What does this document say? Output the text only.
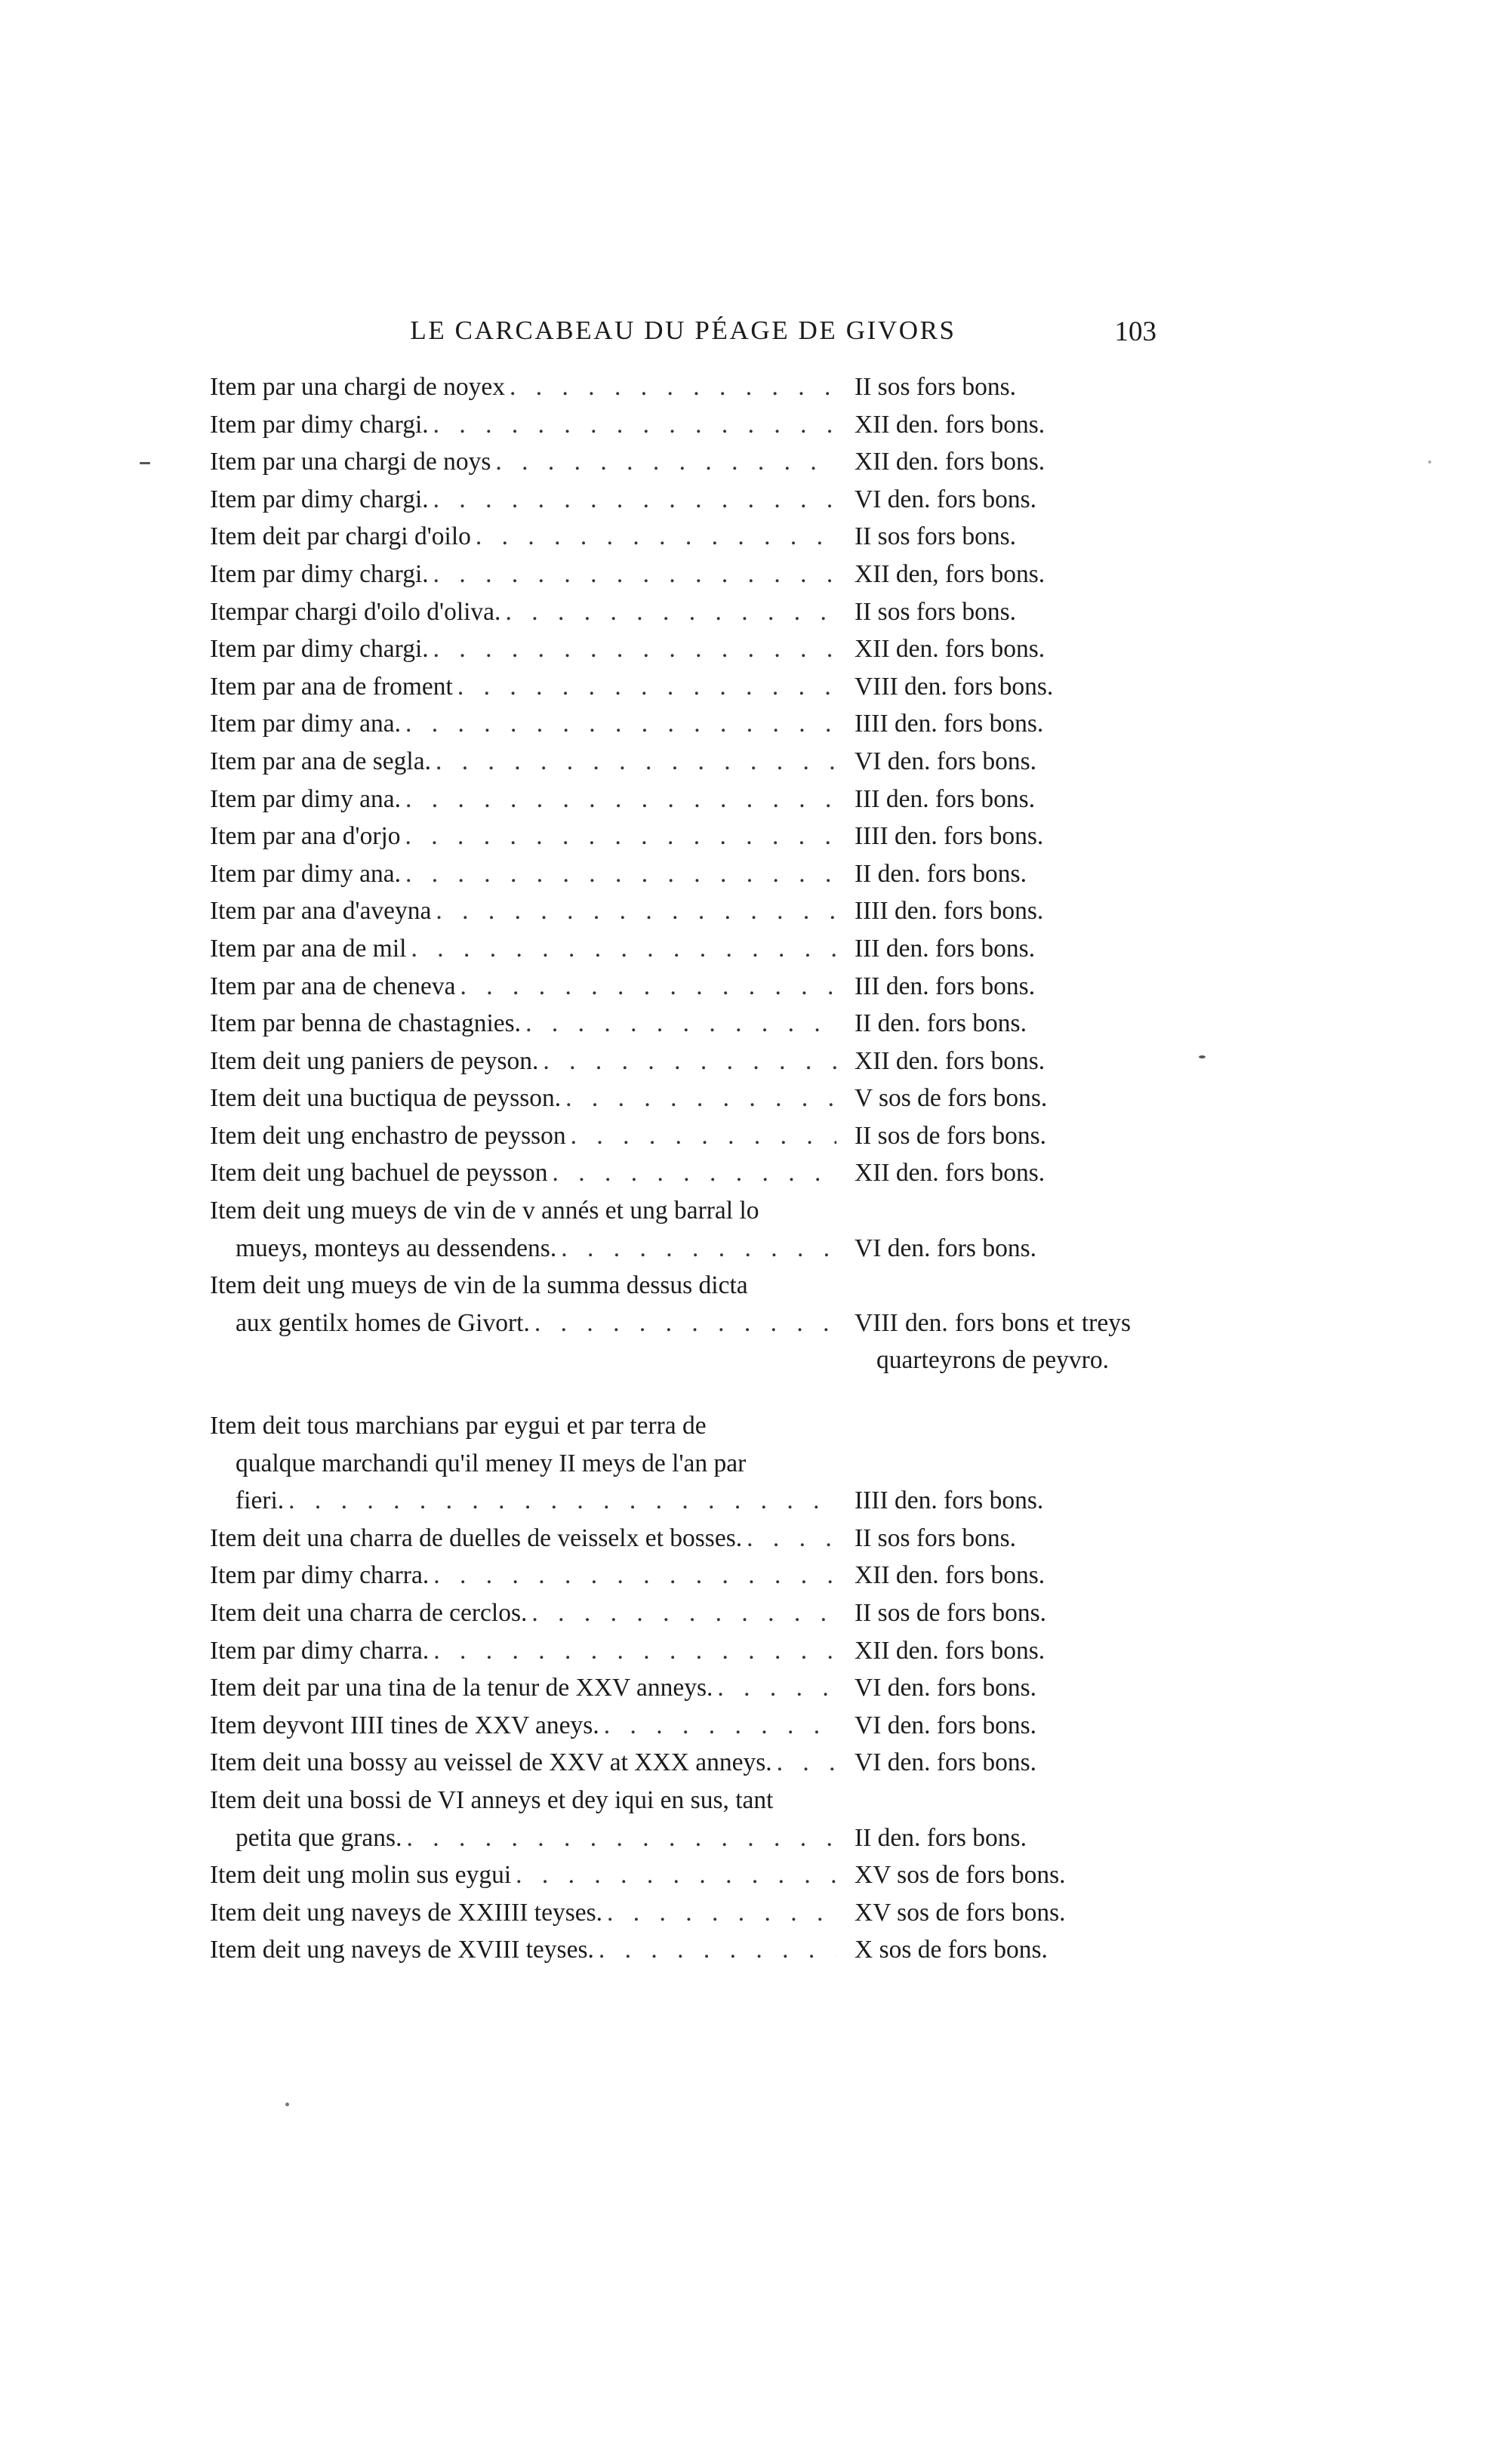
LE CARCABEAU DU PÉAGE DE GIVORS	103
Item par una chargi de noyex . . .	II sos fors bons.
Item par dimy chargi. . . .	XII den. fors bons.
Item par una chargi de noys . . .	XII den. fors bons.
Item par dimy chargi. . . .	VI den. fors bons.
Item deit par chargi d'oilo . . .	II sos fors bons.
Item par dimy chargi. . . .	XII den, fors bons.
Itempar chargi d'oilo d'oliva. . . .	II sos fors bons.
Item par dimy chargi. . . .	XII den. fors bons.
Item par ana de froment . . .	VIII den. fors bons.
Item par dimy ana. . . .	IIII den. fors bons.
Item par ana de segla. . . .	VI den. fors bons.
Item par dimy ana. . . .	III den. fors bons.
Item par ana d'orjo . . .	IIII den. fors bons.
Item par dimy ana. . . .	II den. fors bons.
Item par ana d'aveyna . . .	IIII den. fors bons.
Item par ana de mil . . .	III den. fors bons.
Item par ana de cheneva . . .	III den. fors bons.
Item par benna de chastagnies. . . .	II den. fors bons.
Item deit ung paniers de peyson. . . .	XII den. fors bons.
Item deit una buctiqua de peysson. . . .	V sos de fors bons.
Item deit ung enchastro de peysson . . .	II sos de fors bons.
Item deit ung bachuel de peysson . . .	XII den. fors bons.
Item deit ung mueys de vin de v annés et ung barral lo
mueys, monteys au dessendens. . . .	VI den. fors bons.
Item deit ung mueys de vin de la summa dessus dicta
aux gentilx homes de Givort. . . .	VIII den. fors bons et treys quarteyrons de peyvro.
Item deit tous marchians par eygui et par terra de
qualque marchandi qu'il meney II meys de l'an par
fieri. . . .	IIII den. fors bons.
Item deit una charra de duelles de veisselx et bosses. . . .	II sos fors bons.
Item par dimy charra. . . .	XII den. fors bons.
Item deit una charra de cerclos. . . .	II sos de fors bons.
Item par dimy charra. . . .	XII den. fors bons.
Item deit par una tina de la tenur de XXV anneys. . . .	VI den. fors bons.
Item deyvont IIII tines de XXV aneys. . . .	VI den. fors bons.
Item deit una bossy au veissel de XXV at XXX anneys. . . .	VI den. fors bons.
Item deit una bossi de VI anneys et dey iqui en sus, tant
petita que grans. . . .	II den. fors bons.
Item deit ung molin sus eygui . . .	XV sos de fors bons.
Item deit ung naveys de XXIIII teyses. . . .	XV sos de fors bons.
Item deit ung naveys de XVIII teyses. . . .	X sos de fors bons.
